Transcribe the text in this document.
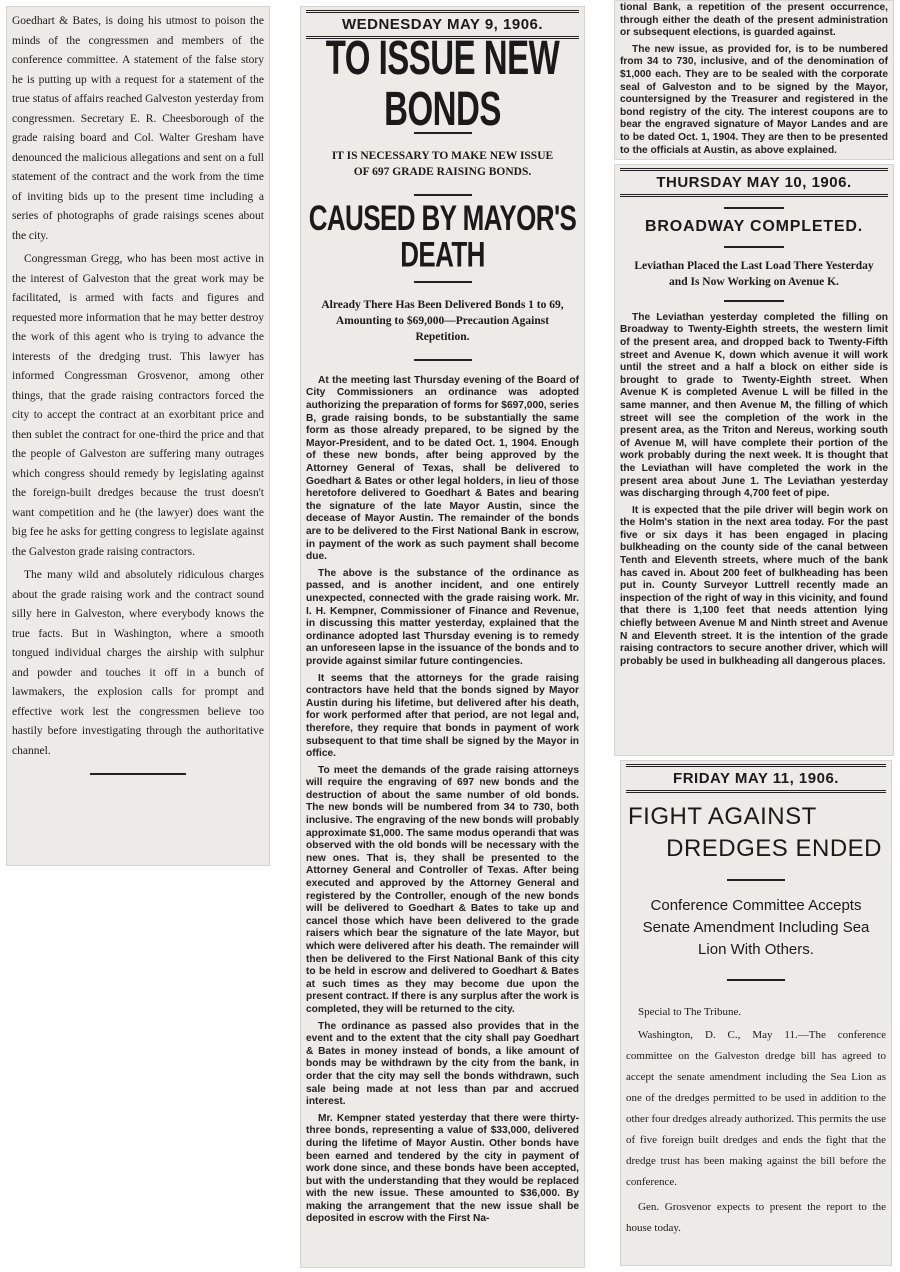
Goedhart & Bates, is doing his utmost to poison the minds of the congressmen and members of the conference committee. A statement of the false story he is putting up with a request for a statement of the true status of affairs reached Galveston yesterday from congressmen. Secretary E. R. Cheesborough of the grade raising board and Col. Walter Gresham have denounced the malicious allegations and sent on a full statement of the contract and the work from the time of inviting bids up to the present time including a series of photographs of grade raisings scenes about the city.

Congressman Gregg, who has been most active in the interest of Galveston that the great work may be facilitated, is armed with facts and figures and requested more information that he may better destroy the work of this agent who is trying to advance the interests of the dredging trust. This lawyer has informed Congressman Grosvenor, among other things, that the grade raising contractors forced the city to accept the contract at an exorbitant price and then sublet the contract for one-third the price and that the people of Galveston are suffering many outrages which congress should remedy by legislating against the foreign-built dredges because the trust doesn't want competition and he (the lawyer) does want the big fee he asks for getting congress to legislate against the Galveston grade raising contractors.

The many wild and absolutely ridiculous charges about the grade raising work and the contract sound silly here in Galveston, where everybody knows the true facts. But in Washington, where a smooth tongued individual charges the airship with sulphur and powder and touches it off in a bunch of lawmakers, the explosion calls for prompt and effective work lest the congressmen believe too hastily before investigating through the authoritative channel.

WEDNESDAY MAY 9, 1906.
TO ISSUE NEW BONDS

IT IS NECESSARY TO MAKE NEW ISSUE OF 697 GRADE RAISING BONDS.

CAUSED BY MAYOR'S DEATH

Already There Has Been Delivered Bonds 1 to 69, Amounting to $69,000—Precaution Against Repetition.

At the meeting last Thursday evening of the Board of City Commissioners an ordinance was adopted authorizing the preparation of forms for $697,000, series B, grade raising bonds, to be substantially the same form as those already prepared, to be signed by the Mayor-President, and to be dated Oct. 1, 1904. Enough of these new bonds, after being approved by the Attorney General of Texas, shall be delivered to Goedhart & Bates or other legal holders, in lieu of those heretofore delivered to Goedhart & Bates and bearing the signature of the late Mayor Austin, since the decease of Mayor Austin. The remainder of the bonds are to be delivered to the First National Bank in escrow, in payment of the work as such payment shall become due.

The above is the substance of the ordinance as passed, and is another incident, and one entirely unexpected, connected with the grade raising work. Mr. I. H. Kempner, Commissioner of Finance and Revenue, in discussing this matter yesterday, explained that the ordinance adopted last Thursday evening is to remedy an unforeseen lapse in the issuance of the bonds and to provide against similar future contingencies.

It seems that the attorneys for the grade raising contractors have held that the bonds signed by Mayor Austin during his lifetime, but delivered after his death, for work performed after that period, are not legal and, therefore, they require that bonds in payment of work subsequent to that time shall be signed by the Mayor in office.

To meet the demands of the grade raising attorneys will require the engraving of 697 new bonds and the destruction of about the same number of old bonds. The new bonds will be numbered from 34 to 730, both inclusive. The engraving of the new bonds will probably approximate $1,000. The same modus operandi that was observed with the old bonds will be necessary with the new ones. That is, they shall be presented to the Attorney General and Controller of Texas. After being executed and approved by the Attorney General and registered by the Controller, enough of the new bonds will be delivered to Goedhart & Bates to take up and cancel those which have been delivered to the grade raisers which bear the signature of the late Mayor, but which were delivered after his death. The remainder will then be delivered to the First National Bank of this city to be held in escrow and delivered to Goedhart & Bates at such times as they may become due upon the present contract. If there is any surplus after the work is completed, they will be returned to the city.

The ordinance as passed also provides that in the event and to the extent that the city shall pay Goedhart & Bates in money instead of bonds, a like amount of bonds may be withdrawn by the city from the bank, in order that the city may sell the bonds withdrawn, such sale being made at not less than par and accrued interest.

Mr. Kempner stated yesterday that there were thirty-three bonds, representing a value of $33,000, delivered during the lifetime of Mayor Austin. Other bonds have been earned and tendered by the city in payment of work done since, and these bonds have been accepted, but with the understanding that they would be replaced with the new issue. These amounted to $36,000. By making the arrangement that the new issue shall be deposited in escrow with the First Na-

tional Bank, a repetition of the present occurrence, through either the death of the present administration or subsequent elections, is guarded against.

The new issue, as provided for, is to be numbered from 34 to 730, inclusive, and of the denomination of $1,000 each. They are to be sealed with the corporate seal of Galveston and to be signed by the Mayor, countersigned by the Treasurer and registered in the bond registry of the city. The interest coupons are to bear the engraved signature of Mayor Landes and are to be dated Oct. 1, 1904. They are then to be presented to the officials at Austin, as above explained.

THURSDAY MAY 10, 1906.
BROADWAY COMPLETED.

Leviathan Placed the Last Load There Yesterday and Is Now Working on Avenue K.

The Leviathan yesterday completed the filling on Broadway to Twenty-Eighth streets, the western limit of the present area, and dropped back to Twenty-Fifth street and Avenue K, down which avenue it will work until the street and a half a block on either side is brought to grade to Twenty-Eighth street. When Avenue K is completed Avenue L will be filled in the same manner, and then Avenue M, the filling of which street will see the completion of the work in the present area, as the Triton and Nereus, working south of Avenue M, will have complete their portion of the work probably during the next week. It is thought that the Leviathan will have completed the work in the present area about June 1. The Leviathan yesterday was discharging through 4,700 feet of pipe.

It is expected that the pile driver will begin work on the Holm's station in the next area today. For the past five or six days it has been engaged in placing bulkheading on the county side of the canal between Tenth and Eleventh streets, where much of the bank has caved in. About 200 feet of bulkheading has been put in. County Surveyor Luttrell recently made an inspection of the right of way in this vicinity, and found that there is 1,100 feet that needs attention lying chiefly between Avenue M and Ninth street and Avenue N and Eleventh street. It is the intention of the grade raising contractors to secure another driver, which will probably be used in bulkheading all dangerous places.

FRIDAY MAY 11, 1906.
FIGHT AGAINST
DREDGES ENDED

Conference Committee Accepts Senate Amendment Including Sea Lion With Others.

Special to The Tribune.

Washington, D. C., May 11.—The conference committee on the Galveston dredge bill has agreed to accept the senate amendment including the Sea Lion as one of the dredges permitted to be used in addition to the other four dredges already authorized. This permits the use of five foreign built dredges and ends the fight that the dredge trust has been making against the bill before the conference.

Gen. Grosvenor expects to present the report to the house today.
